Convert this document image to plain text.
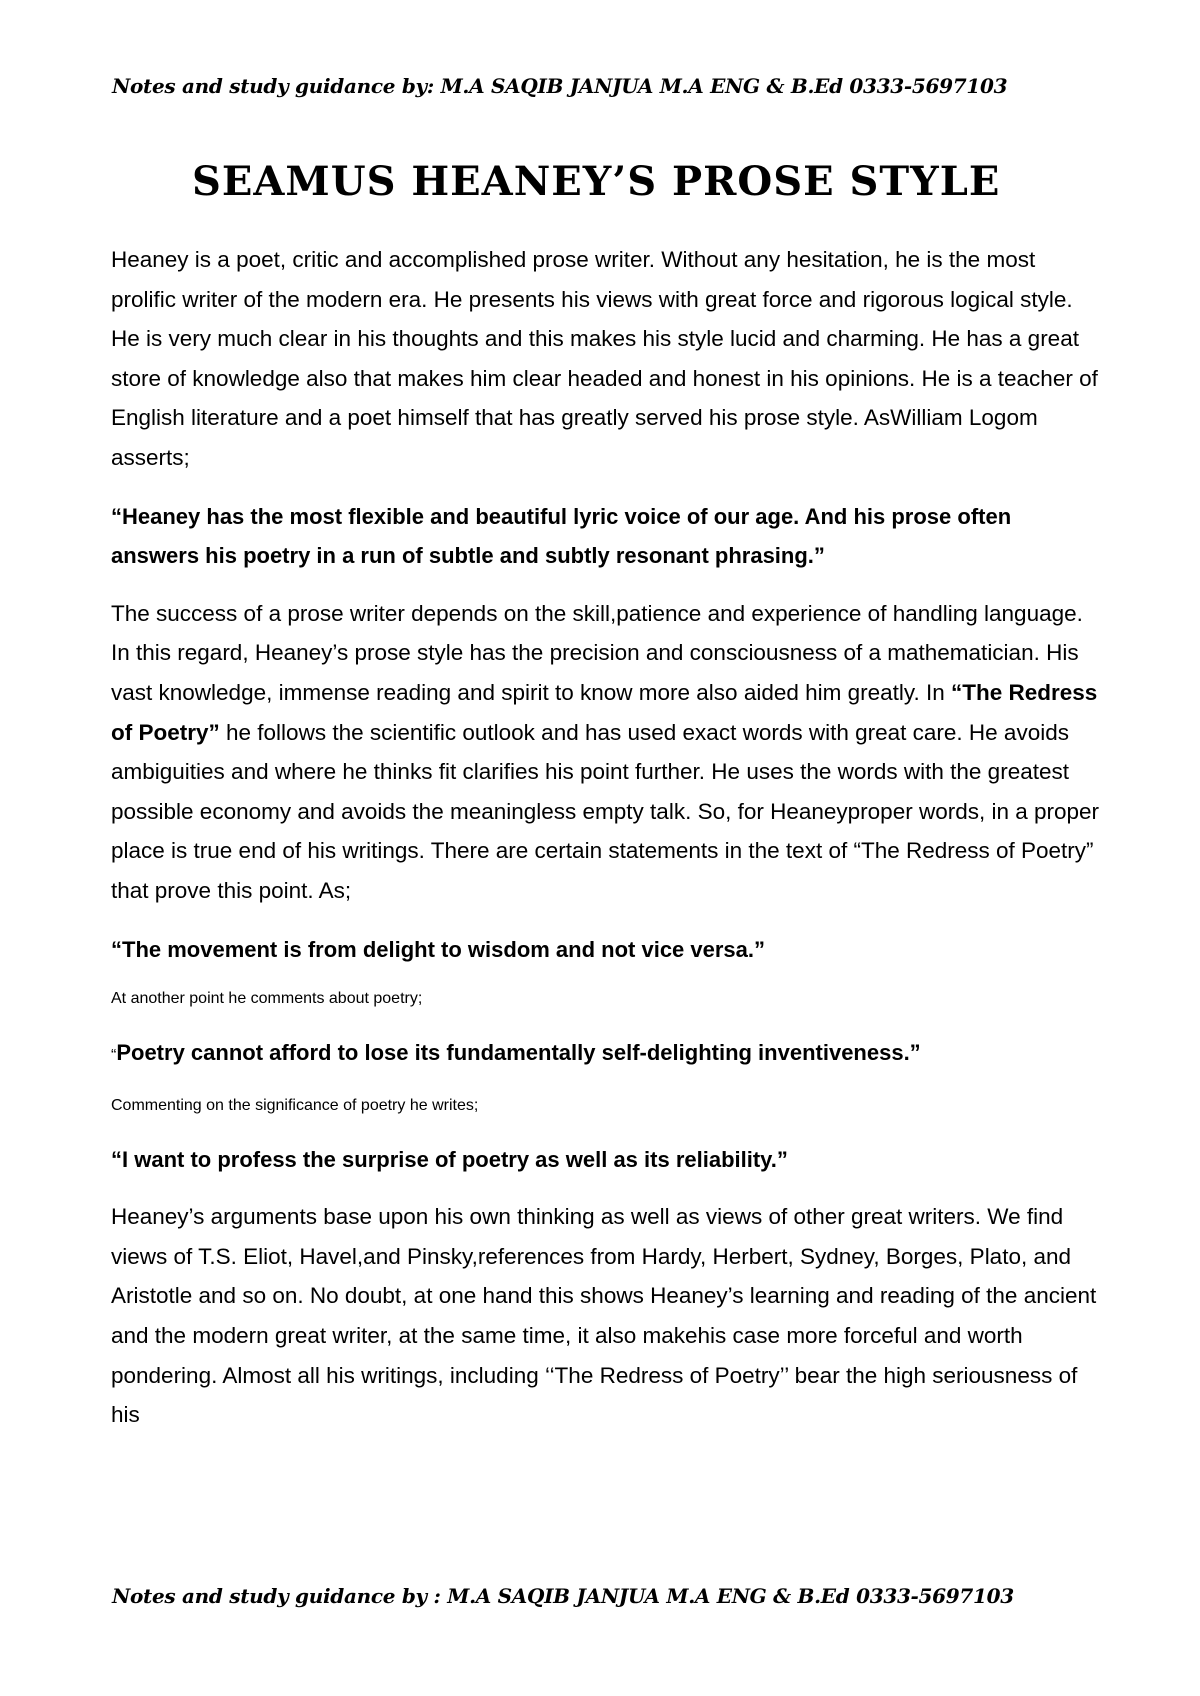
Notes and study guidance by: M.A SAQIB JANJUA M.A ENG & B.Ed 0333-5697103
SEAMUS HEANEY’S PROSE STYLE

Heaney is a poet, critic and accomplished prose writer. Without any hesitation, he is the most prolific writer of the modern era. He presents his views with great force and rigorous logical style. He is very much clear in his thoughts and this makes his style lucid and charming. He has a great store of knowledge also that makes him clear headed and honest in his opinions. He is a teacher of English literature and a poet himself that has greatly served his prose style. AsWilliam Logom asserts;

“Heaney has the most flexible and beautiful lyric voice of our age. And his prose often answers his poetry in a run of subtle and subtly resonant phrasing.”

The success of a prose writer depends on the skill,patience and experience of handling language. In this regard, Heaney’s prose style has the precision and consciousness of a mathematician. His vast knowledge, immense reading and spirit to know more also aided him greatly. In “The Redress of Poetry” he follows the scientific outlook and has used exact words with great care. He avoids ambiguities and where he thinks fit clarifies his point further. He uses the words with the greatest possible economy and avoids the meaningless empty talk. So, for Heaneyproper words, in a proper place is true end of his writings. There are certain statements in the text of “The Redress of Poetry” that prove this point. As;

“The movement is from delight to wisdom and not vice versa.”

At another point he comments about poetry;

“Poetry cannot afford to lose its fundamentally self-delighting inventiveness.”

Commenting on the significance of poetry he writes;

“I want to profess the surprise of poetry as well as its reliability.”

Heaney’s arguments base upon his own thinking as well as views of other great writers. We find views of T.S. Eliot, Havel,and Pinsky,references from Hardy, Herbert, Sydney, Borges, Plato, and Aristotle and so on. No doubt, at one hand this shows Heaney’s learning and reading of the ancient and the modern great writer, at the same time, it also makehis case more forceful and worth pondering. Almost all his writings, including ‘‘The Redress of Poetry’’ bear the high seriousness of his

Notes and study guidance by : M.A SAQIB JANJUA M.A ENG & B.Ed 0333-5697103
